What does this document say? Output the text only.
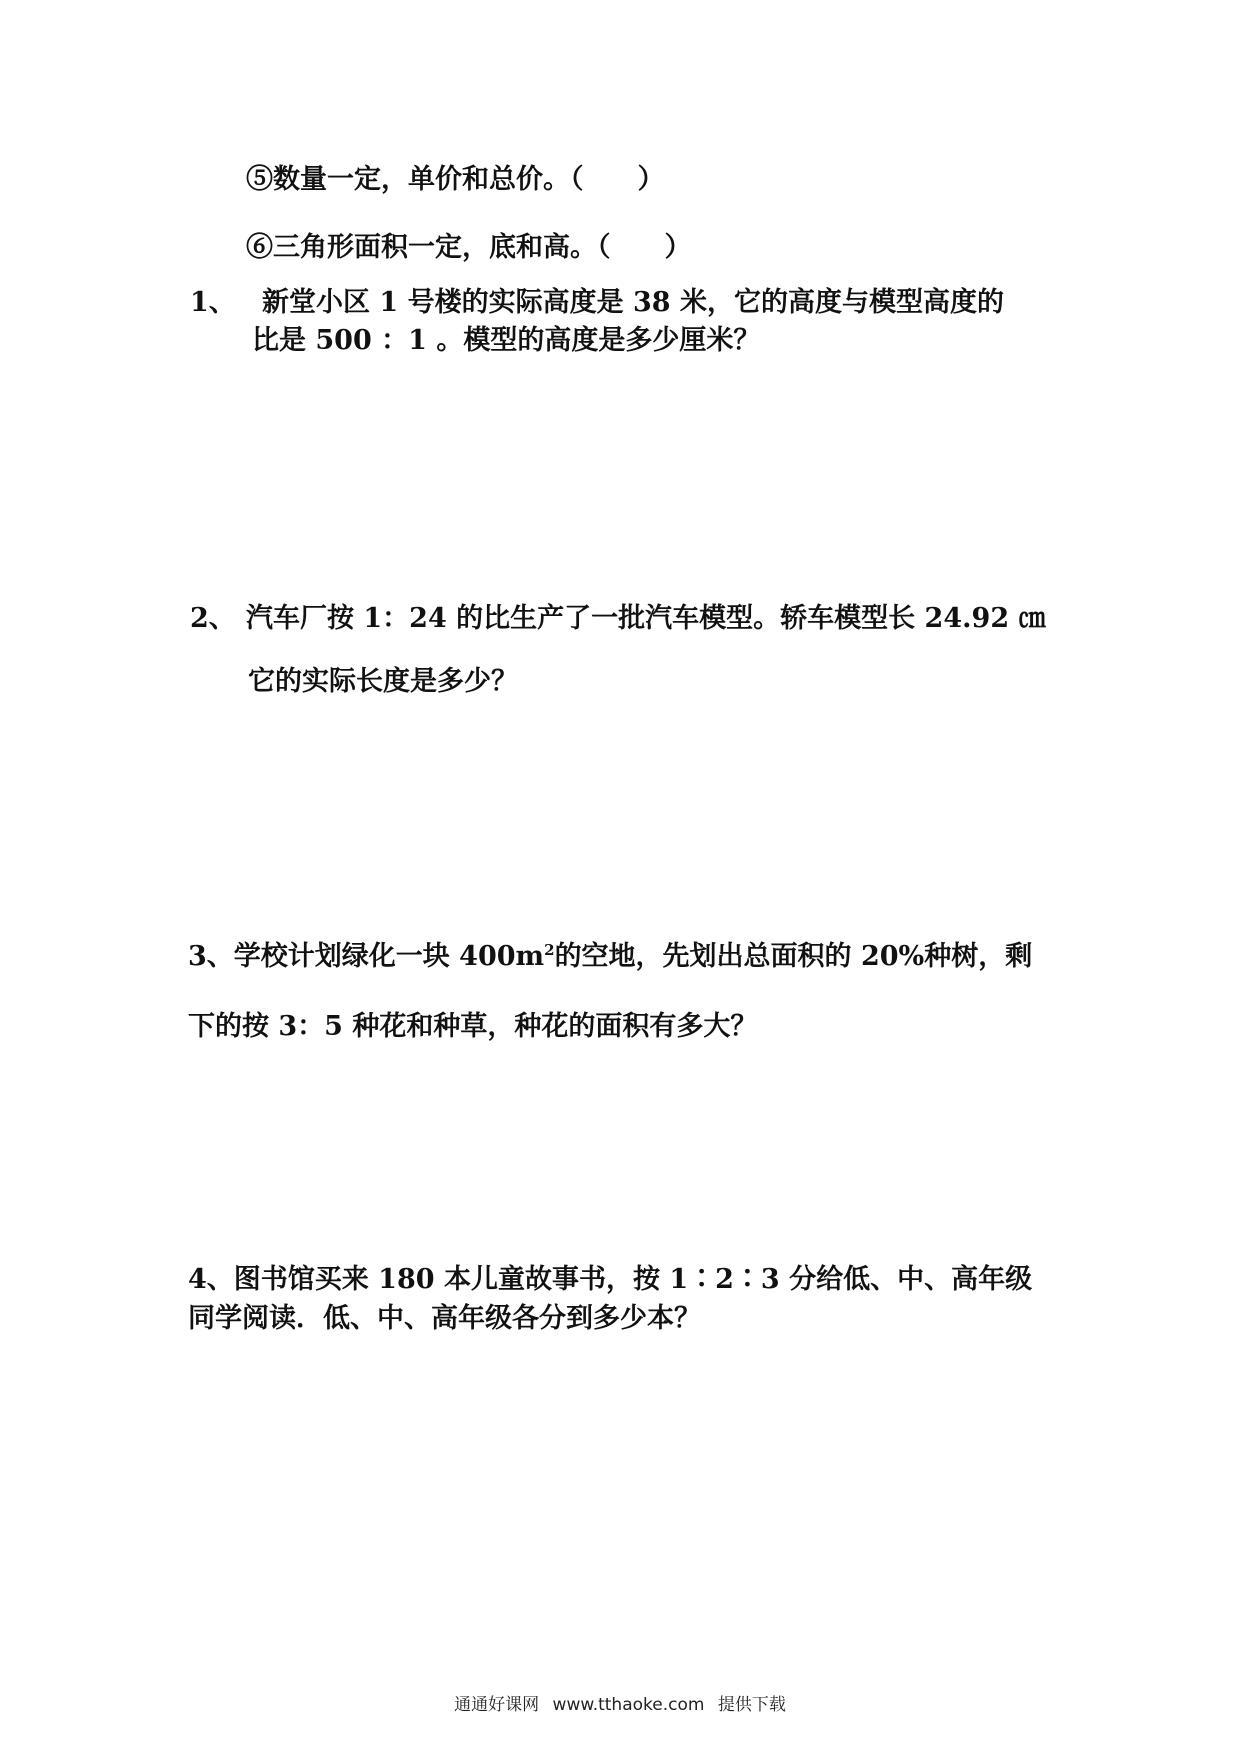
⑤数量一定，单价和总价。（　　）
⑥三角形面积一定，底和高。（　　）
1、 新堂小区 1 号楼的实际高度是 38 米，它的高度与模型高度的
比是 500 ：1 。模型的高度是多少厘米？
2、 汽车厂按 1：24 的比生产了一批汽车模型。轿车模型长 24.92 ㎝
它的实际长度是多少？
3、学校计划绿化一块 $400m^2$的空地，先划出总面积的 20%种树，剩
下的按 3：5 种花和种草，种花的面积有多大？
4、图书馆买来 180 本儿童故事书，按 1∶2∶3 分给低、中、高年级
同学阅读．低、中、高年级各分到多少本？
通通好课网 www.tthaoke.com 提供下载
